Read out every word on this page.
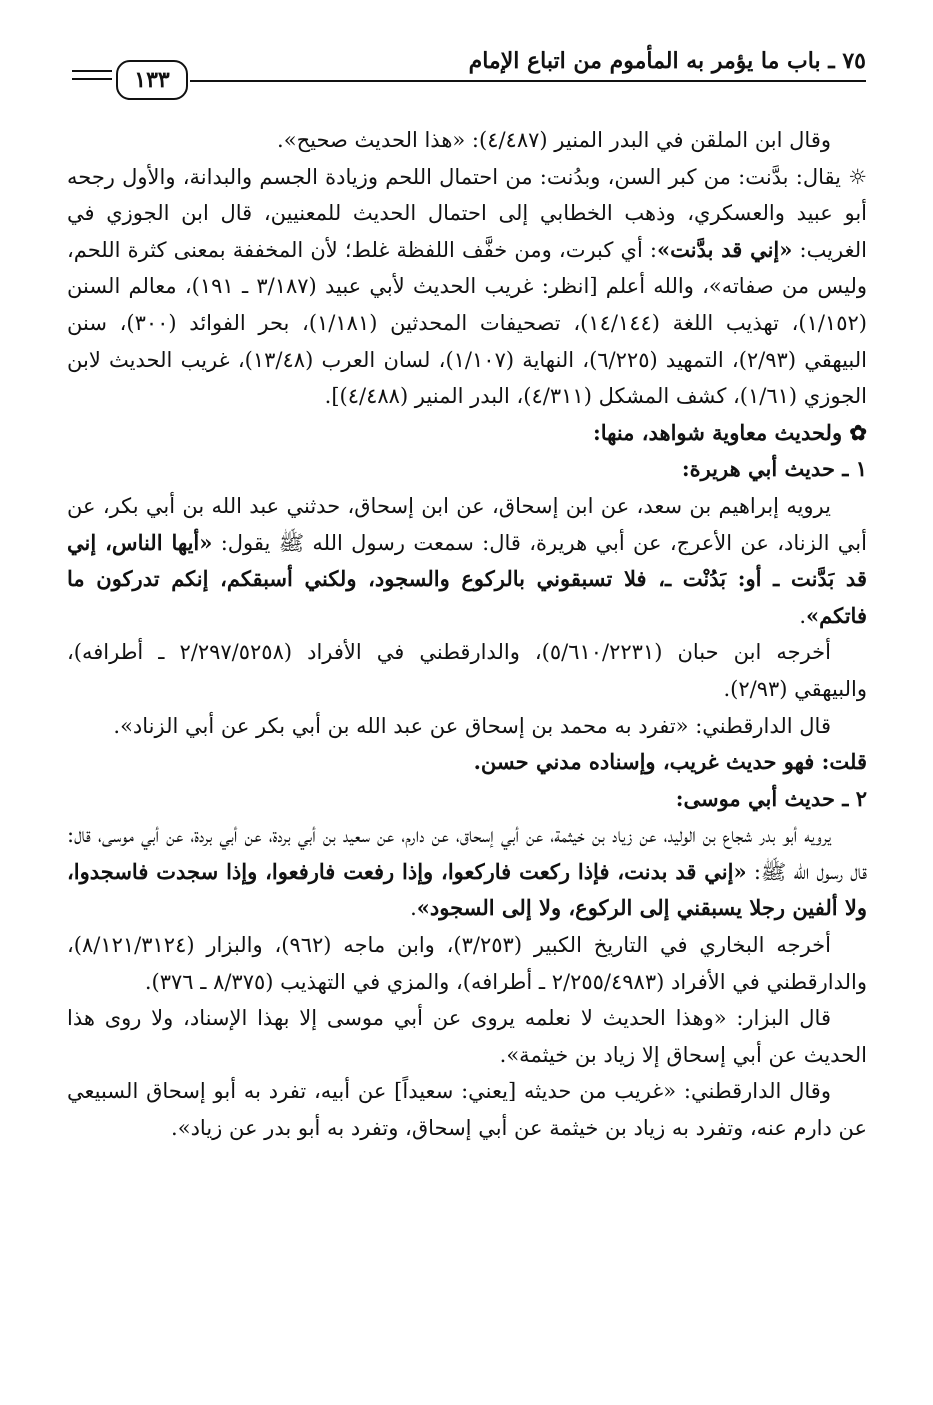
٧٥ ـ باب ما يؤمر به المأموم من اتباع الإمام
١٣٣

وقال ابن الملقن في البدر المنير (٤/٤٨٧): «هذا الحديث صحيح».

☼ يقال: بدَّنت: من كبر السن، وبدُنت: من احتمال اللحم وزيادة الجسم والبدانة، والأول رجحه أبو عبيد والعسكري، وذهب الخطابي إلى احتمال الحديث للمعنيين، قال ابن الجوزي في الغريب: «إني قد بدَّنت»: أي كبرت، ومن خفَّف اللفظة غلط؛ لأن المخففة بمعنى كثرة اللحم، وليس من صفاته»، والله أعلم [انظر: غريب الحديث لأبي عبيد (٣/١٨٧ ـ ١٩١)، معالم السنن (١/١٥٢)، تهذيب اللغة (١٤/١٤٤)، تصحيفات المحدثين (١/١٨١)، بحر الفوائد (٣٠٠)، سنن البيهقي (٢/٩٣)، التمهيد (٦/٢٢٥)، النهاية (١/١٠٧)، لسان العرب (١٣/٤٨)، غريب الحديث لابن الجوزي (١/٦١)، كشف المشكل (٤/٣١١)، البدر المنير (٤/٤٨٨)].

✿ ولحديث معاوية شواهد، منها:

١ ـ حديث أبي هريرة:

يرويه إبراهيم بن سعد، عن ابن إسحاق، عن ابن إسحاق، حدثني عبد الله بن أبي بكر، عن أبي الزناد، عن الأعرج، عن أبي هريرة، قال: سمعت رسول الله ﷺ يقول: «أيها الناس، إني قد بَدَّنت ـ أو: بَدُنْت ـ، فلا تسبقوني بالركوع والسجود، ولكني أسبقكم، إنكم تدركون ما فاتكم».

أخرجه ابن حبان (٥/٦١٠/٢٢٣١)، والدارقطني في الأفراد (٢/٢٩٧/٥٢٥٨ ـ أطرافه)، والبيهقي (٢/٩٣).

قال الدارقطني: «تفرد به محمد بن إسحاق عن عبد الله بن أبي بكر عن أبي الزناد».

قلت: فهو حديث غريب، وإسناده مدني حسن.

٢ ـ حديث أبي موسى:

يرويه أبو بدر شجاع بن الوليد، عن زياد بن خيثمة، عن أبي إسحاق، عن دارم، عن سعيد بن أبي بردة، عن أبي بردة، عن أبي موسى، قال: قال رسول الله ﷺ: «إني قد بدنت، فإذا ركعت فاركعوا، وإذا رفعت فارفعوا، وإذا سجدت فاسجدوا، ولا ألفين رجلا يسبقني إلى الركوع، ولا إلى السجود».

أخرجه البخاري في التاريخ الكبير (٣/٢٥٣)، وابن ماجه (٩٦٢)، والبزار (٨/١٢١/٣١٢٤)، والدارقطني في الأفراد (٢/٢٥٥/٤٩٨٣ ـ أطرافه)، والمزي في التهذيب (٨/٣٧٥ ـ ٣٧٦).

قال البزار: «وهذا الحديث لا نعلمه يروى عن أبي موسى إلا بهذا الإسناد، ولا روى هذا الحديث عن أبي إسحاق إلا زياد بن خيثمة».

وقال الدارقطني: «غريب من حديثه [يعني: سعيداً] عن أبيه، تفرد به أبو إسحاق السبيعي عن دارم عنه، وتفرد به زياد بن خيثمة عن أبي إسحاق، وتفرد به أبو بدر عن زياد».
